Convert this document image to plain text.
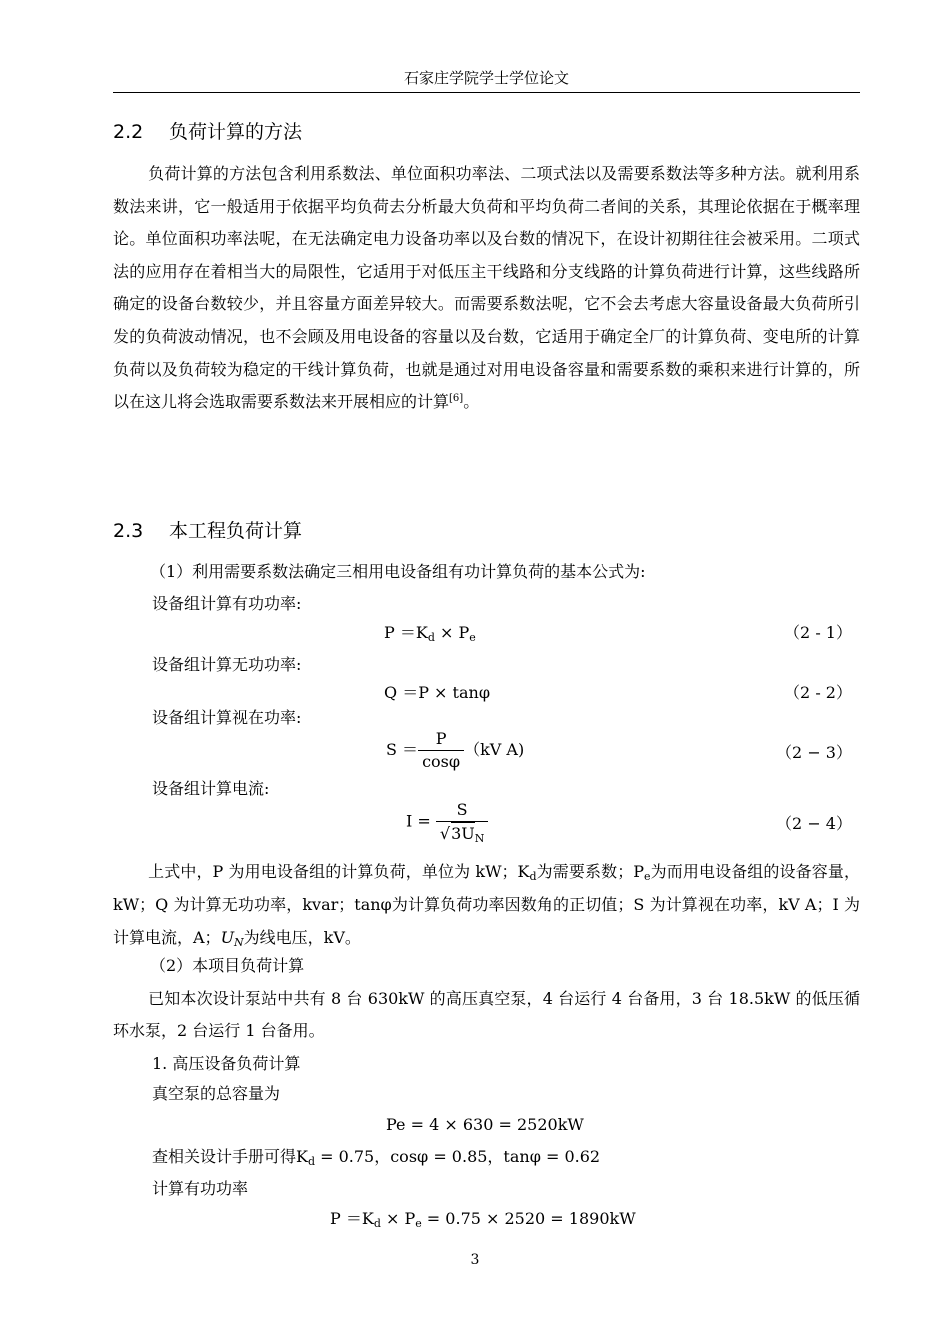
石家庄学院学士学位论文
2.2 负荷计算的方法
负荷计算的方法包含利用系数法、单位面积功率法、二项式法以及需要系数法等多种方法。就利用系数法来讲，它一般适用于依据平均负荷去分析最大负荷和平均负荷二者间的关系，其理论依据在于概率理论。单位面积功率法呢，在无法确定电力设备功率以及台数的情况下，在设计初期往往会被采用。二项式法的应用存在着相当大的局限性，它适用于对低压主干线路和分支线路的计算负荷进行计算，这些线路所确定的设备台数较少，并且容量方面差异较大。而需要系数法呢，它不会去考虑大容量设备最大负荷所引发的负荷波动情况，也不会顾及用电设备的容量以及台数，它适用于确定全厂的计算负荷、变电所的计算负荷以及负荷较为稳定的干线计算负荷，也就是通过对用电设备容量和需要系数的乘积来进行计算的，所以在这儿将会选取需要系数法来开展相应的计算[6]。
2.3 本工程负荷计算
（1）利用需要系数法确定三相用电设备组有功计算负荷的基本公式为:
设备组计算有功功率:
$P =K_d \times P_e$	（2 - 1）
设备组计算无功功率:
Q ＝P × tanφ	（2 - 2）
设备组计算视在功率:
$S = \frac{P}{\cos\varphi} (kV$ A)	（2 − 3）
设备组计算电流:
$I = \frac{S}{√3U_N}$	（2 − 4）
上式中，P 为用电设备组的计算负荷，单位为 kW；$K_d$为需要系数；$P_e$为而用电设备组的设备容量，kW；Q 为计算无功功率，kvar；tanφ为计算负荷功率因数角的正切值；S 为计算视在功率，kV A；I 为计算电流，A；$U_N$为线电压，kV。
（2）本项目负荷计算
已知本次设计泵站中共有 8 台 630kW 的高压真空泵，4 台运行 4 台备用，3 台 18.5kW 的低压循环水泵，2 台运行 1 台备用。
1. 高压设备负荷计算
真空泵的总容量为
Pe = 4 × 630 = 2520kW
查相关设计手册可得$K_d = 0.75$，cosφ = 0.85，tanφ = 0.62
计算有功功率
$P =K_d \times P_e = 0.75 \times 2520 = 1890kW$
3
